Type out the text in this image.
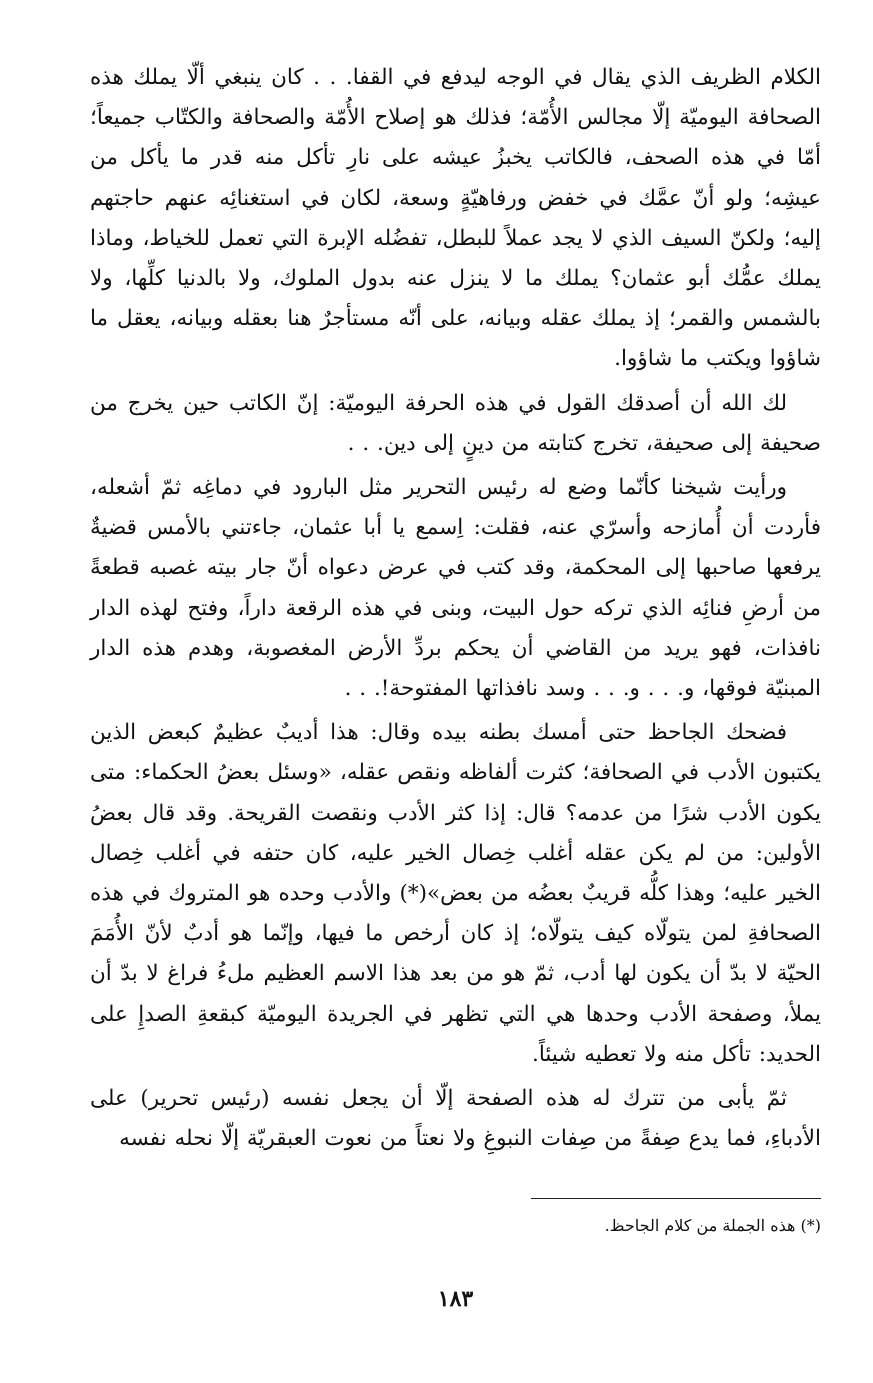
الكلام الظريف الذي يقال في الوجه ليدفع في القفا. . . كان ينبغي ألّا يملك هذه الصحافة اليوميّة إلّا مجالس الأُمّة؛ فذلك هو إصلاح الأُمّة والصحافة والكتّاب جميعاً؛ أمّا في هذه الصحف، فالكاتب يخبزُ عيشه على نارِ تأكل منه قدر ما يأكل من عيشِه؛ ولو أنّ عمَّك في خفض ورفاهيّةٍ وسعة، لكان في استغنائِه عنهم حاجتهم إليه؛ ولكنّ السيف الذي لا يجد عملاً للبطل، تفضُله الإبرة التي تعمل للخياط، وماذا يملك عمُّك أبو عثمان؟ يملك ما لا ينزل عنه بدول الملوك، ولا بالدنيا كلِّها، ولا بالشمس والقمر؛ إذ يملك عقله وبيانه، على أنّه مستأجرٌ هنا بعقله وبيانه، يعقل ما شاؤوا ويكتب ما شاؤوا.

لك الله أن أصدقك القول في هذه الحرفة اليوميّة: إنّ الكاتب حين يخرج من صحيفة إلى صحيفة، تخرج كتابته من دينٍ إلى دين. . .

ورأيت شيخنا كأنّما وضع له رئيس التحرير مثل البارود في دماغِه ثمّ أشعله، فأردت أن أُمازحه وأسرّي عنه، فقلت: اِسمع يا أبا عثمان، جاءتني بالأمس قضيةٌ يرفعها صاحبها إلى المحكمة، وقد كتب في عرض دعواه أنّ جار بيته غصبه قطعةً من أرضِ فنائِه الذي تركه حول البيت، وبنى في هذه الرقعة داراً، وفتح لهذه الدار نافذات، فهو يريد من القاضي أن يحكم بردِّ الأرض المغصوبة، وهدم هذه الدار المبنيّة فوقها، و. . . و. . . وسد نافذاتها المفتوحة!. . .

فضحك الجاحظ حتى أمسك بطنه بيده وقال: هذا أديبٌ عظيمٌ كبعض الذين يكتبون الأدب في الصحافة؛ كثرت ألفاظه ونقص عقله، «وسئل بعضُ الحكماء: متى يكون الأدب شرًا من عدمه؟ قال: إذا كثر الأدب ونقصت القريحة. وقد قال بعضُ الأولين: من لم يكن عقله أغلب خِصال الخير عليه، كان حتفه في أغلب خِصال الخير عليه؛ وهذا كلُّه قريبٌ بعضُه من بعض»(*) والأدب وحده هو المتروك في هذه الصحافةِ لمن يتولّاه كيف يتولّاه؛ إذ كان أرخص ما فيها، وإنّما هو أدبٌ لأنّ الأُمَمَ الحيّة لا بدّ أن يكون لها أدب، ثمّ هو من بعد هذا الاسم العظيم ملءُ فراغ لا بدّ أن يملأ، وصفحة الأدب وحدها هي التي تظهر في الجريدة اليوميّة كبقعةِ الصدإِ على الحديد: تأكل منه ولا تعطيه شيئاً.

ثمّ يأبى من تترك له هذه الصفحة إلّا أن يجعل نفسه (رئيس تحرير) على الأدباءِ، فما يدع صِفةً من صِفات النبوغِ ولا نعتاً من نعوت العبقريّة إلّا نحله نفسه

(*) هذه الجملة من كلام الجاحظ.
١٨٣
